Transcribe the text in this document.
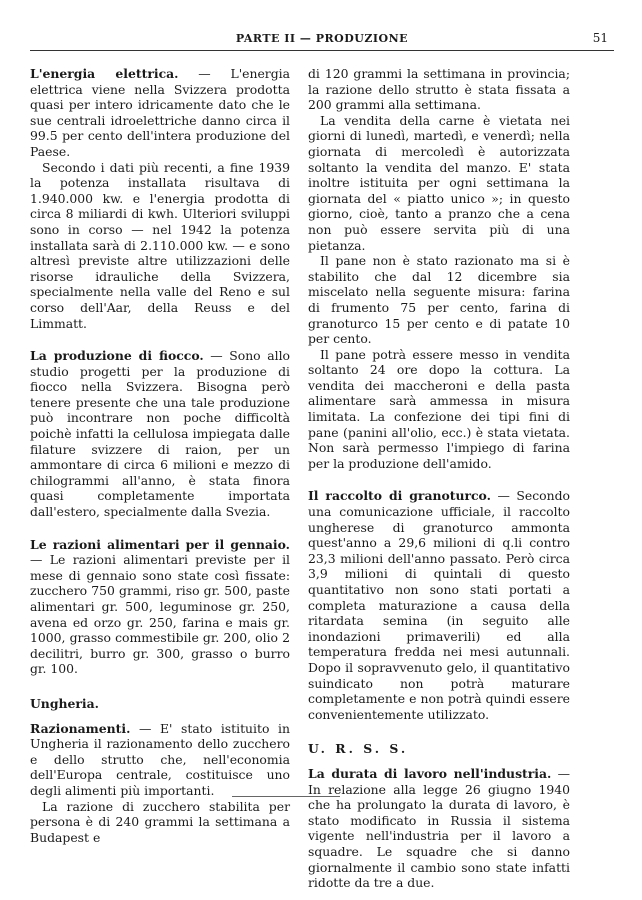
PARTE II — PRODUZIONE	51

L'energia elettrica. — L'energia elettrica viene nella Svizzera prodotta quasi per intero idricamente dato che le sue centrali idroelettriche danno circa il 99.5 per cento dell'intera produzione del Paese.

Secondo i dati più recenti, a fine 1939 la potenza installata risultava di 1.940.000 kw. e l'energia prodotta di circa 8 miliardi di kwh. Ulteriori sviluppi sono in corso — nel 1942 la potenza installata sarà di 2.110.000 kw. — e sono altresì previste altre utilizzazioni delle risorse idrauliche della Svizzera, specialmente nella valle del Reno e sul corso dell'Aar, della Reuss e del Limmatt.

La produzione di fiocco. — Sono allo studio progetti per la produzione di fiocco nella Svizzera. Bisogna però tenere presente che una tale produzione può incontrare non poche difficoltà poichè infatti la cellulosa impiegata dalle filature svizzere di raion, per un ammontare di circa 6 milioni e mezzo di chilogrammi all'anno, è stata finora quasi completamente importata dall'estero, specialmente dalla Svezia.

Le razioni alimentari per il gennaio. — Le razioni alimentari previste per il mese di gennaio sono state così fissate: zucchero 750 grammi, riso gr. 500, paste alimentari gr. 500, leguminose gr. 250, avena ed orzo gr. 250, farina e mais gr. 1000, grasso commestibile gr. 200, olio 2 decilitri, burro gr. 300, grasso o burro gr. 100.

Ungheria.

Razionamenti. — E' stato istituito in Ungheria il razionamento dello zucchero e dello strutto che, nell'economia dell'Europa centrale, costituisce uno degli alimenti più importanti.

La razione di zucchero stabilita per persona è di 240 grammi la settimana a Budapest e

di 120 grammi la settimana in provincia; la razione dello strutto è stata fissata a 200 grammi alla settimana.

La vendita della carne è vietata nei giorni di lunedì, martedì, e venerdì; nella giornata di mercoledì è autorizzata soltanto la vendita del manzo. E' stata inoltre istituita per ogni settimana la giornata del « piatto unico »; in questo giorno, cioè, tanto a pranzo che a cena non può essere servita più di una pietanza.

Il pane non è stato razionato ma si è stabilito che dal 12 dicembre sia miscelato nella seguente misura: farina di frumento 75 per cento, farina di granoturco 15 per cento e di patate 10 per cento.

Il pane potrà essere messo in vendita soltanto 24 ore dopo la cottura. La vendita dei maccheroni e della pasta alimentare sarà ammessa in misura limitata. La confezione dei tipi fini di pane (panini all'olio, ecc.) è stata vietata. Non sarà permesso l'impiego di farina per la produzione dell'amido.

Il raccolto di granoturco. — Secondo una comunicazione ufficiale, il raccolto ungherese di granoturco ammonta quest'anno a 29,6 milioni di q.li contro 23,3 milioni dell'anno passato. Però circa 3,9 milioni di quintali di questo quantitativo non sono stati portati a completa maturazione a causa della ritardata semina (in seguito alle inondazioni primaverili) ed alla temperatura fredda nei mesi autunnali. Dopo il sopravvenuto gelo, il quantitativo suindicato non potrà maturare completamente e non potrà quindi essere convenientemente utilizzato.

U. R. S. S.

La durata di lavoro nell'industria. — In relazione alla legge 26 giugno 1940 che ha prolungato la durata di lavoro, è stato modificato in Russia il sistema vigente nell'industria per il lavoro a squadre. Le squadre che si danno giornalmente il cambio sono state infatti ridotte da tre a due.
